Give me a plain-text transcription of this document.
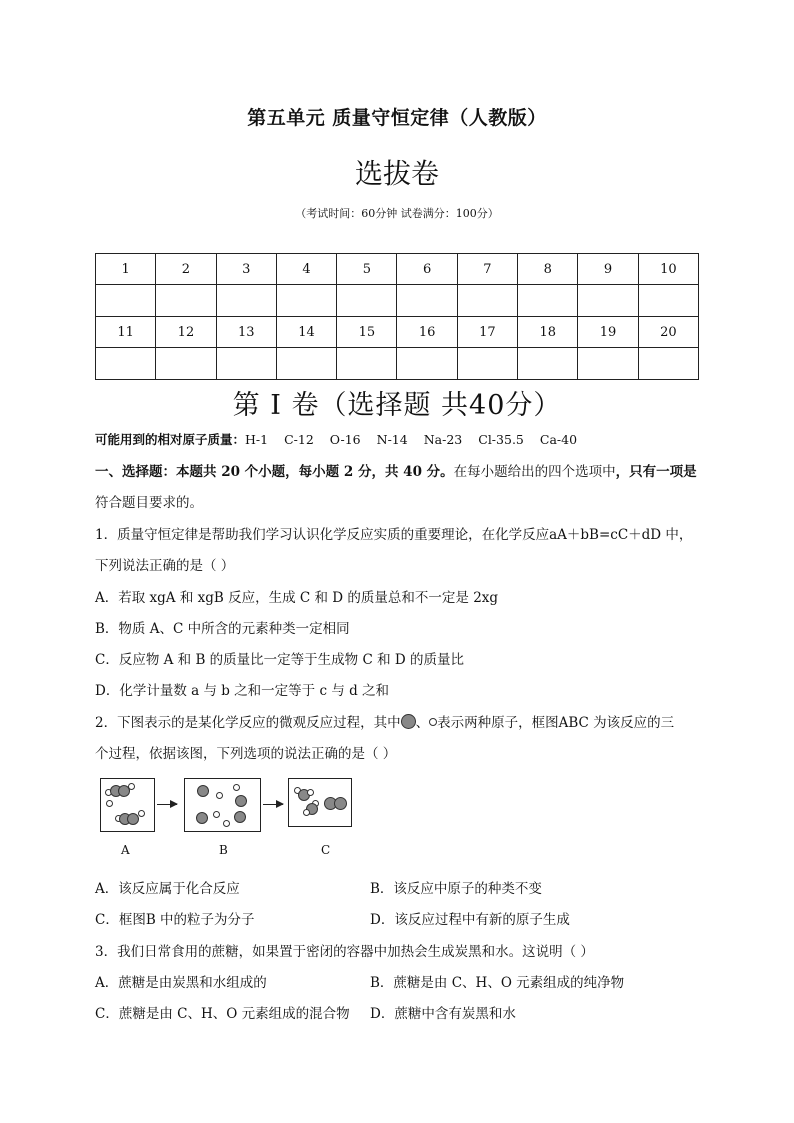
第五单元 质量守恒定律（人教版）
选拔卷
（考试时间：60分钟 试卷满分：100分）
1	2	3	4	5	6	7	8	9	10

11	12	13	14	15	16	17	18	19	20

第 I 卷（选择题 共40分）
可能用到的相对原子质量：H-1 C-12 O-16 N-14 Na-23 Cl-35.5 Ca-40
一、选择题：本题共 20 个小题，每小题 2 分，共 40 分。在每小题给出的四个选项中，只有一项是
符合题目要求的。
1．质量守恒定律是帮助我们学习认识化学反应实质的重要理论，在化学反应aA＋bB=cC＋dD 中，
下列说法正确的是（ ）
A．若取 xgA 和 xgB 反应，生成 C 和 D 的质量总和不一定是 2xg
B．物质 A、C 中所含的元素种类一定相同
C．反应物 A 和 B 的质量比一定等于生成物 C 和 D 的质量比
D．化学计量数 a 与 b 之和一定等于 c 与 d 之和
2．下图表示的是某化学反应的微观反应过程，其中 、 表示两种原子，框图ABC 为该反应的三
个过程，依据该图，下列选项的说法正确的是（ ）
A	B	C
A．该反应属于化合反应	B．该反应中原子的种类不变
C．框图B 中的粒子为分子	D．该反应过程中有新的原子生成
3．我们日常食用的蔗糖，如果置于密闭的容器中加热会生成炭黑和水。这说明（ ）
A．蔗糖是由炭黑和水组成的	B．蔗糖是由 C、H、O 元素组成的纯净物
C．蔗糖是由 C、H、O 元素组成的混合物 D．蔗糖中含有炭黑和水
